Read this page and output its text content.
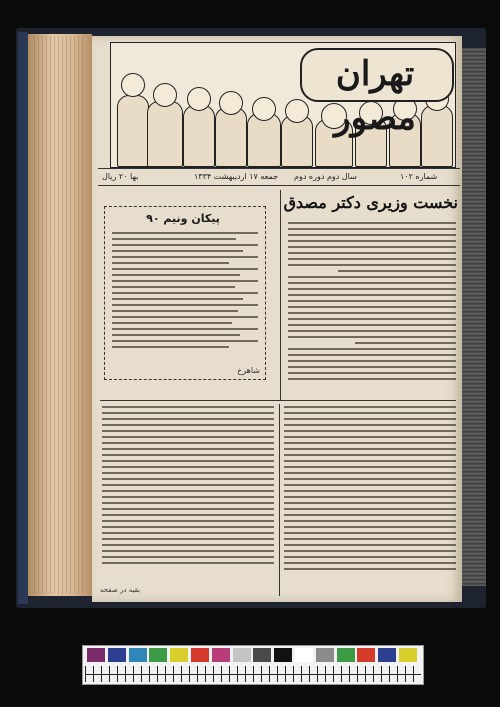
تهران مصور
بها ۲۰ ریال	جمعه ۱۷ اردیبهشت ۱۳۳۴ سال دوم دوره دوم	شماره ۱۰۲
نخست وزیری دکتر مصدق
پیکان ونیم ۹۰
شاهرخ
بقیه در صفحه
